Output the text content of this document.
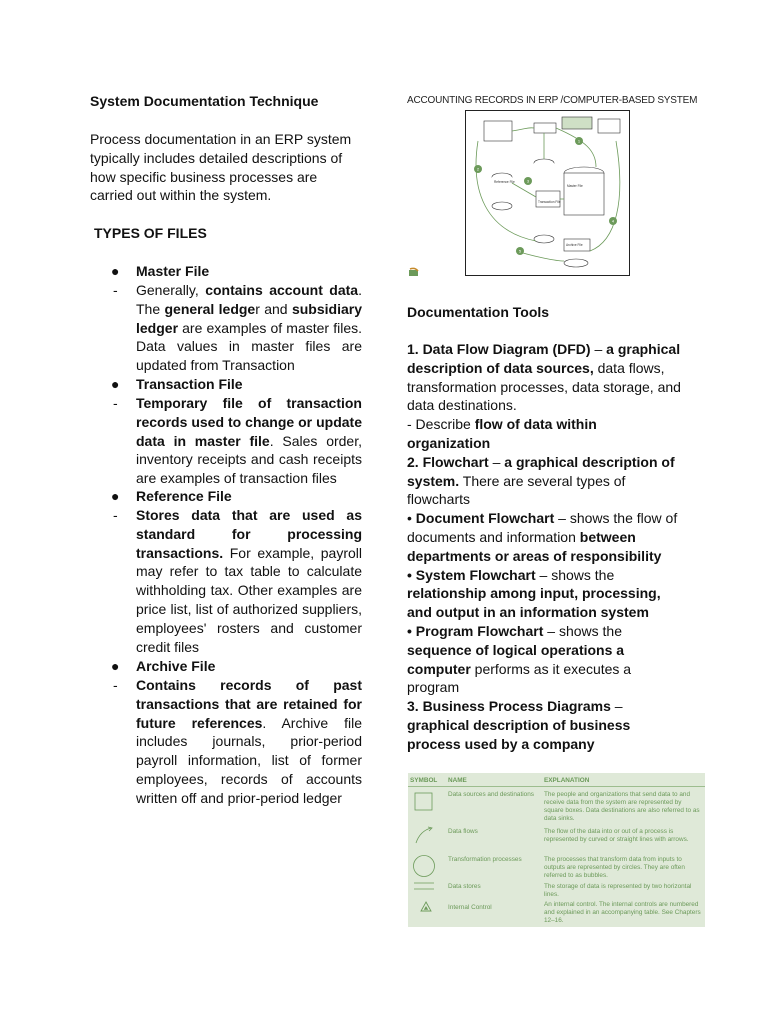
System Documentation Technique
Process documentation in an ERP system typically includes detailed descriptions of how specific business processes are carried out within the system.
TYPES OF FILES
● Master File
- Generally, contains account data. The general ledger and subsidiary ledger are examples of master files. Data values in master files are updated from Transaction
● Transaction File
- Temporary file of transaction records used to change or update data in master file. Sales order, inventory receipts and cash receipts are examples of transaction files
● Reference File
- Stores data that are used as standard for processing transactions. For example, payroll may refer to tax table to calculate withholding tax. Other examples are price list, list of authorized suppliers, employees' rosters and customer credit files
● Archive File
- Contains records of past transactions that are retained for future references. Archive file includes journals, prior-period payroll information, list of former employees, records of accounts written off and prior-period ledger
ACCOUNTING RECORDS IN ERP /COMPUTER-BASED SYSTEM
Transaction File
Master File
Reference File
Archive File
1
2
3
4
5
Documentation Tools
1. Data Flow Diagram (DFD) – a graphical description of data sources, data flows, transformation processes, data storage, and data destinations.
- Describe flow of data within organization
2. Flowchart – a graphical description of system. There are several types of flowcharts
• Document Flowchart – shows the flow of documents and information between departments or areas of responsibility
• System Flowchart – shows the relationship among input, processing, and output in an information system
• Program Flowchart – shows the sequence of logical operations a computer performs as it executes a program
3. Business Process Diagrams – graphical description of business process used by a company
SYMBOL NAME	EXPLANATION
Data sources and destinations	The people and organizations that send data to and receive data from the system are represented by square boxes. Data destinations are also referred to as data sinks.
Data flows	The flow of the data into or out of a process is represented by curved or straight lines with arrows.
Transformation processes	The processes that transform data from inputs to outputs are represented by circles. They are often referred to as bubbles.
Data stores	The storage of data is represented by two horizontal lines.
Internal Control	An internal control. The internal controls are numbered and explained in an accompanying table. See Chapters 12–16.
